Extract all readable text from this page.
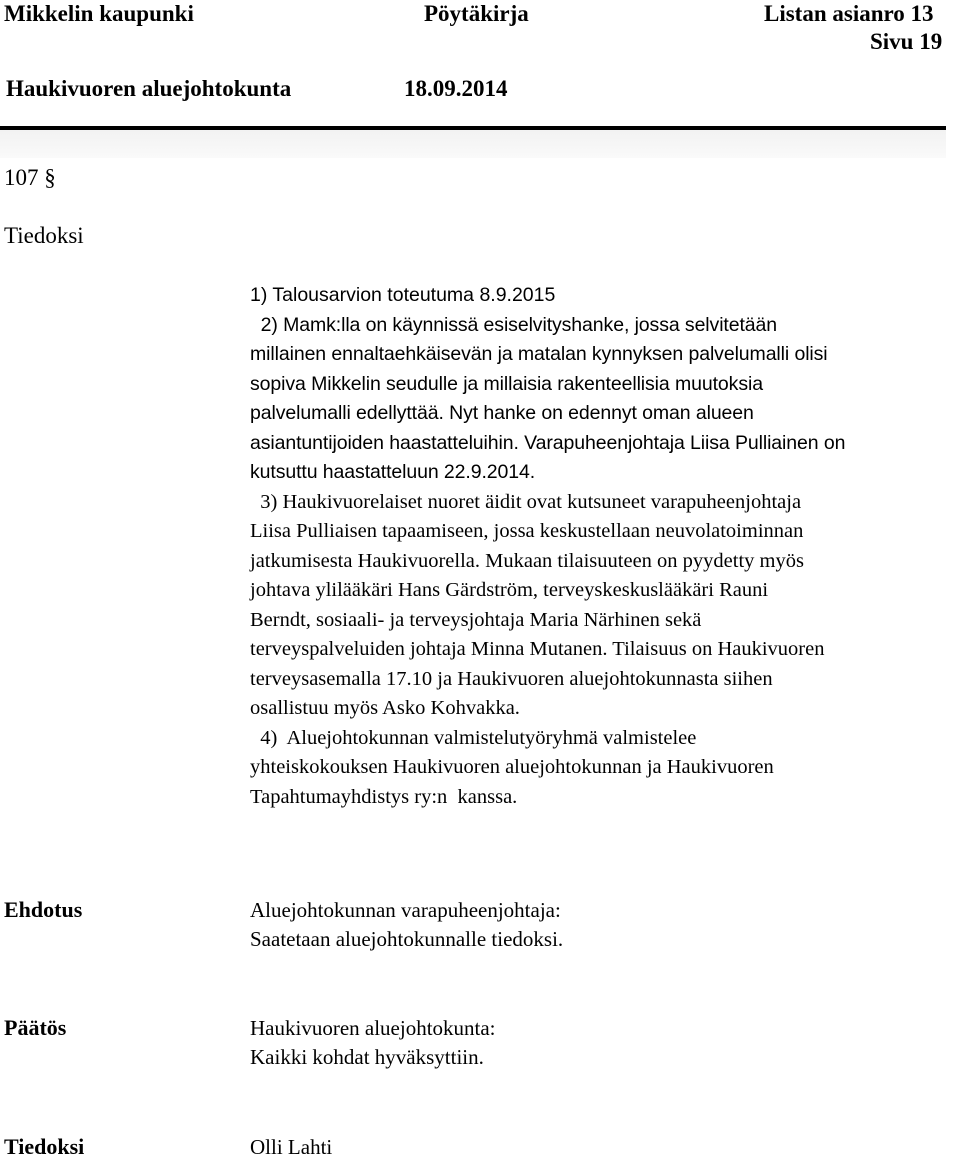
Mikkelin kaupunki	Pöytäkirja	Listan asianro 13
Sivu 19
Haukivuoren aluejohtokunta	18.09.2014
107 §
Tiedoksi
1) Talousarvion toteutuma 8.9.2015
2) Mamk:lla on käynnissä esiselvityshanke, jossa selvitetään
millainen ennaltaehkäisevän ja matalan kynnyksen palvelumalli olisi
sopiva Mikkelin seudulle ja millaisia rakenteellisia muutoksia
palvelumalli edellyttää. Nyt hanke on edennyt oman alueen
asiantuntijoiden haastatteluihin. Varapuheenjohtaja Liisa Pulliainen on
kutsuttu haastatteluun 22.9.2014.
3) Haukivuorelaiset nuoret äidit ovat kutsuneet varapuheenjohtaja
Liisa Pulliaisen tapaamiseen, jossa keskustellaan neuvolatoiminnan
jatkumisesta Haukivuorella. Mukaan tilaisuuteen on pyydetty myös
johtava ylilääkäri Hans Gärdström, terveyskeskuslääkäri Rauni
Berndt, sosiaali- ja terveysjohtaja Maria Närhinen sekä
terveyspalveluiden johtaja Minna Mutanen. Tilaisuus on Haukivuoren
terveysasemalla 17.10 ja Haukivuoren aluejohtokunnasta siihen
osallistuu myös Asko Kohvakka.
4)  Aluejohtokunnan valmistelutyöryhmä valmistelee
yhteiskokouksen Haukivuoren aluejohtokunnan ja Haukivuoren
Tapahtumayhdistys ry:n  kanssa.
Ehdotus	Aluejohtokunnan varapuheenjohtaja:
Saatetaan aluejohtokunnalle tiedoksi.
Päätös	Haukivuoren aluejohtokunta:
Kaikki kohdat hyväksyttiin.
Tiedoksi	Olli Lahti
